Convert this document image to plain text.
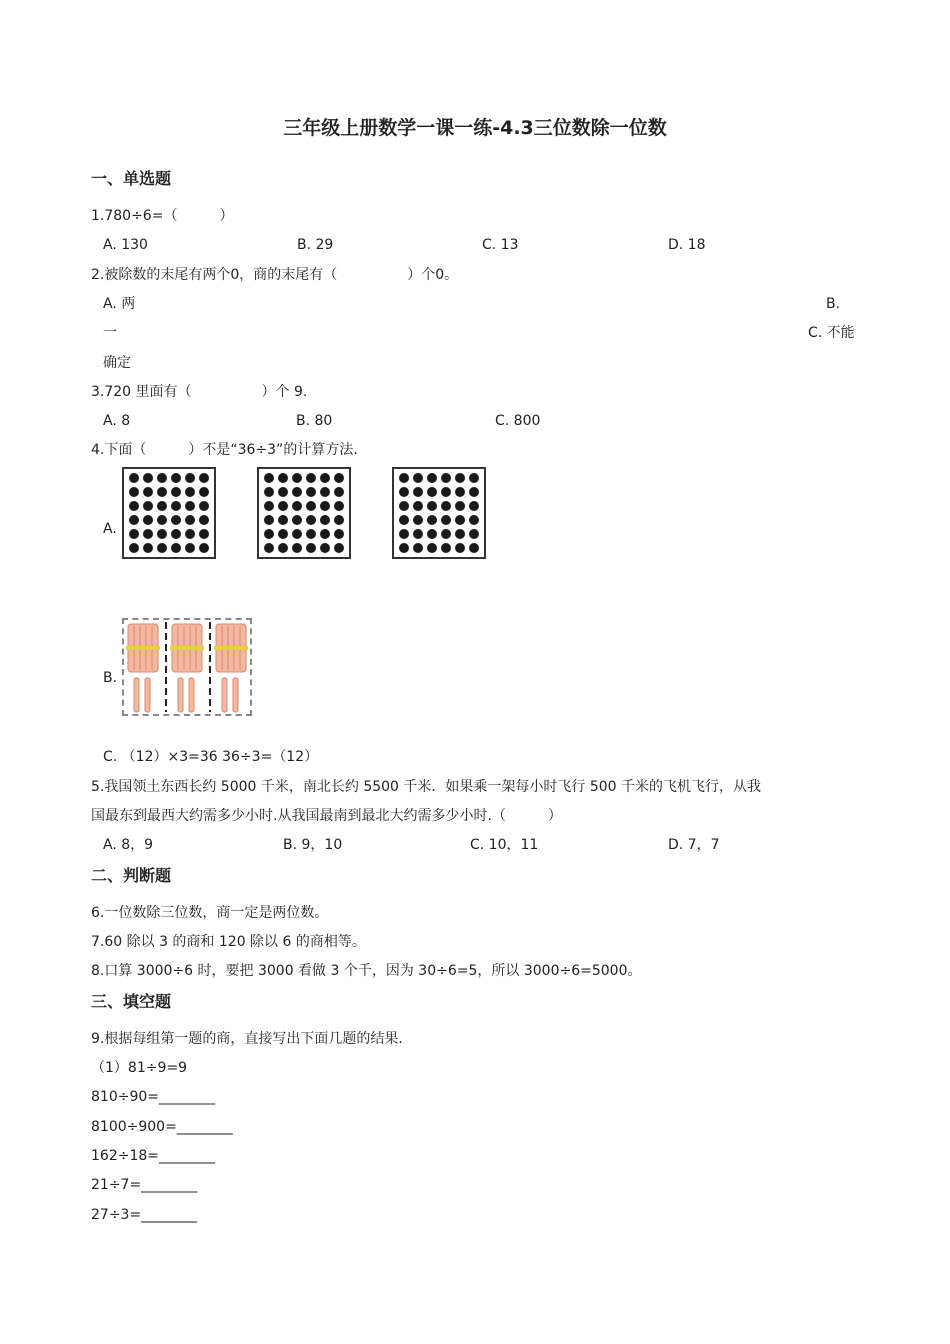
三年级上册数学一课一练-4.3三位数除一位数
一、单选题
1.780÷6=（　　　）
A. 130	B. 29	C. 13	D. 18
2.被除数的末尾有两个0，商的末尾有（　　　　　）个0。
A. 两	B.
一	C. 不能
确定
3.720 里面有（　　　　　）个 9.
A. 8	B. 80	C. 800
4.下面（　　　）不是“36÷3”的计算方法.
A.
B.
C. （12）×3=36 36÷3=（12）
5.我国领土东西长约 5000 千米，南北长约 5500 千米．如果乘一架每小时飞行 500 千米的飞机飞行，从我
国最东到最西大约需多少小时.从我国最南到最北大约需多少小时.（　　　）
A. 8，9	B. 9，10	C. 10，11	D. 7，7
二、判断题
6.一位数除三位数，商一定是两位数。
7.60 除以 3 的商和 120 除以 6 的商相等。
8.口算 3000÷6 时，要把 3000 看做 3 个千，因为 30÷6=5，所以 3000÷6=5000。
三、填空题
9.根据每组第一题的商，直接写出下面几题的结果.
（1）81÷9=9
810÷90=________
8100÷900=________
162÷18=________
21÷7=________
27÷3=________
